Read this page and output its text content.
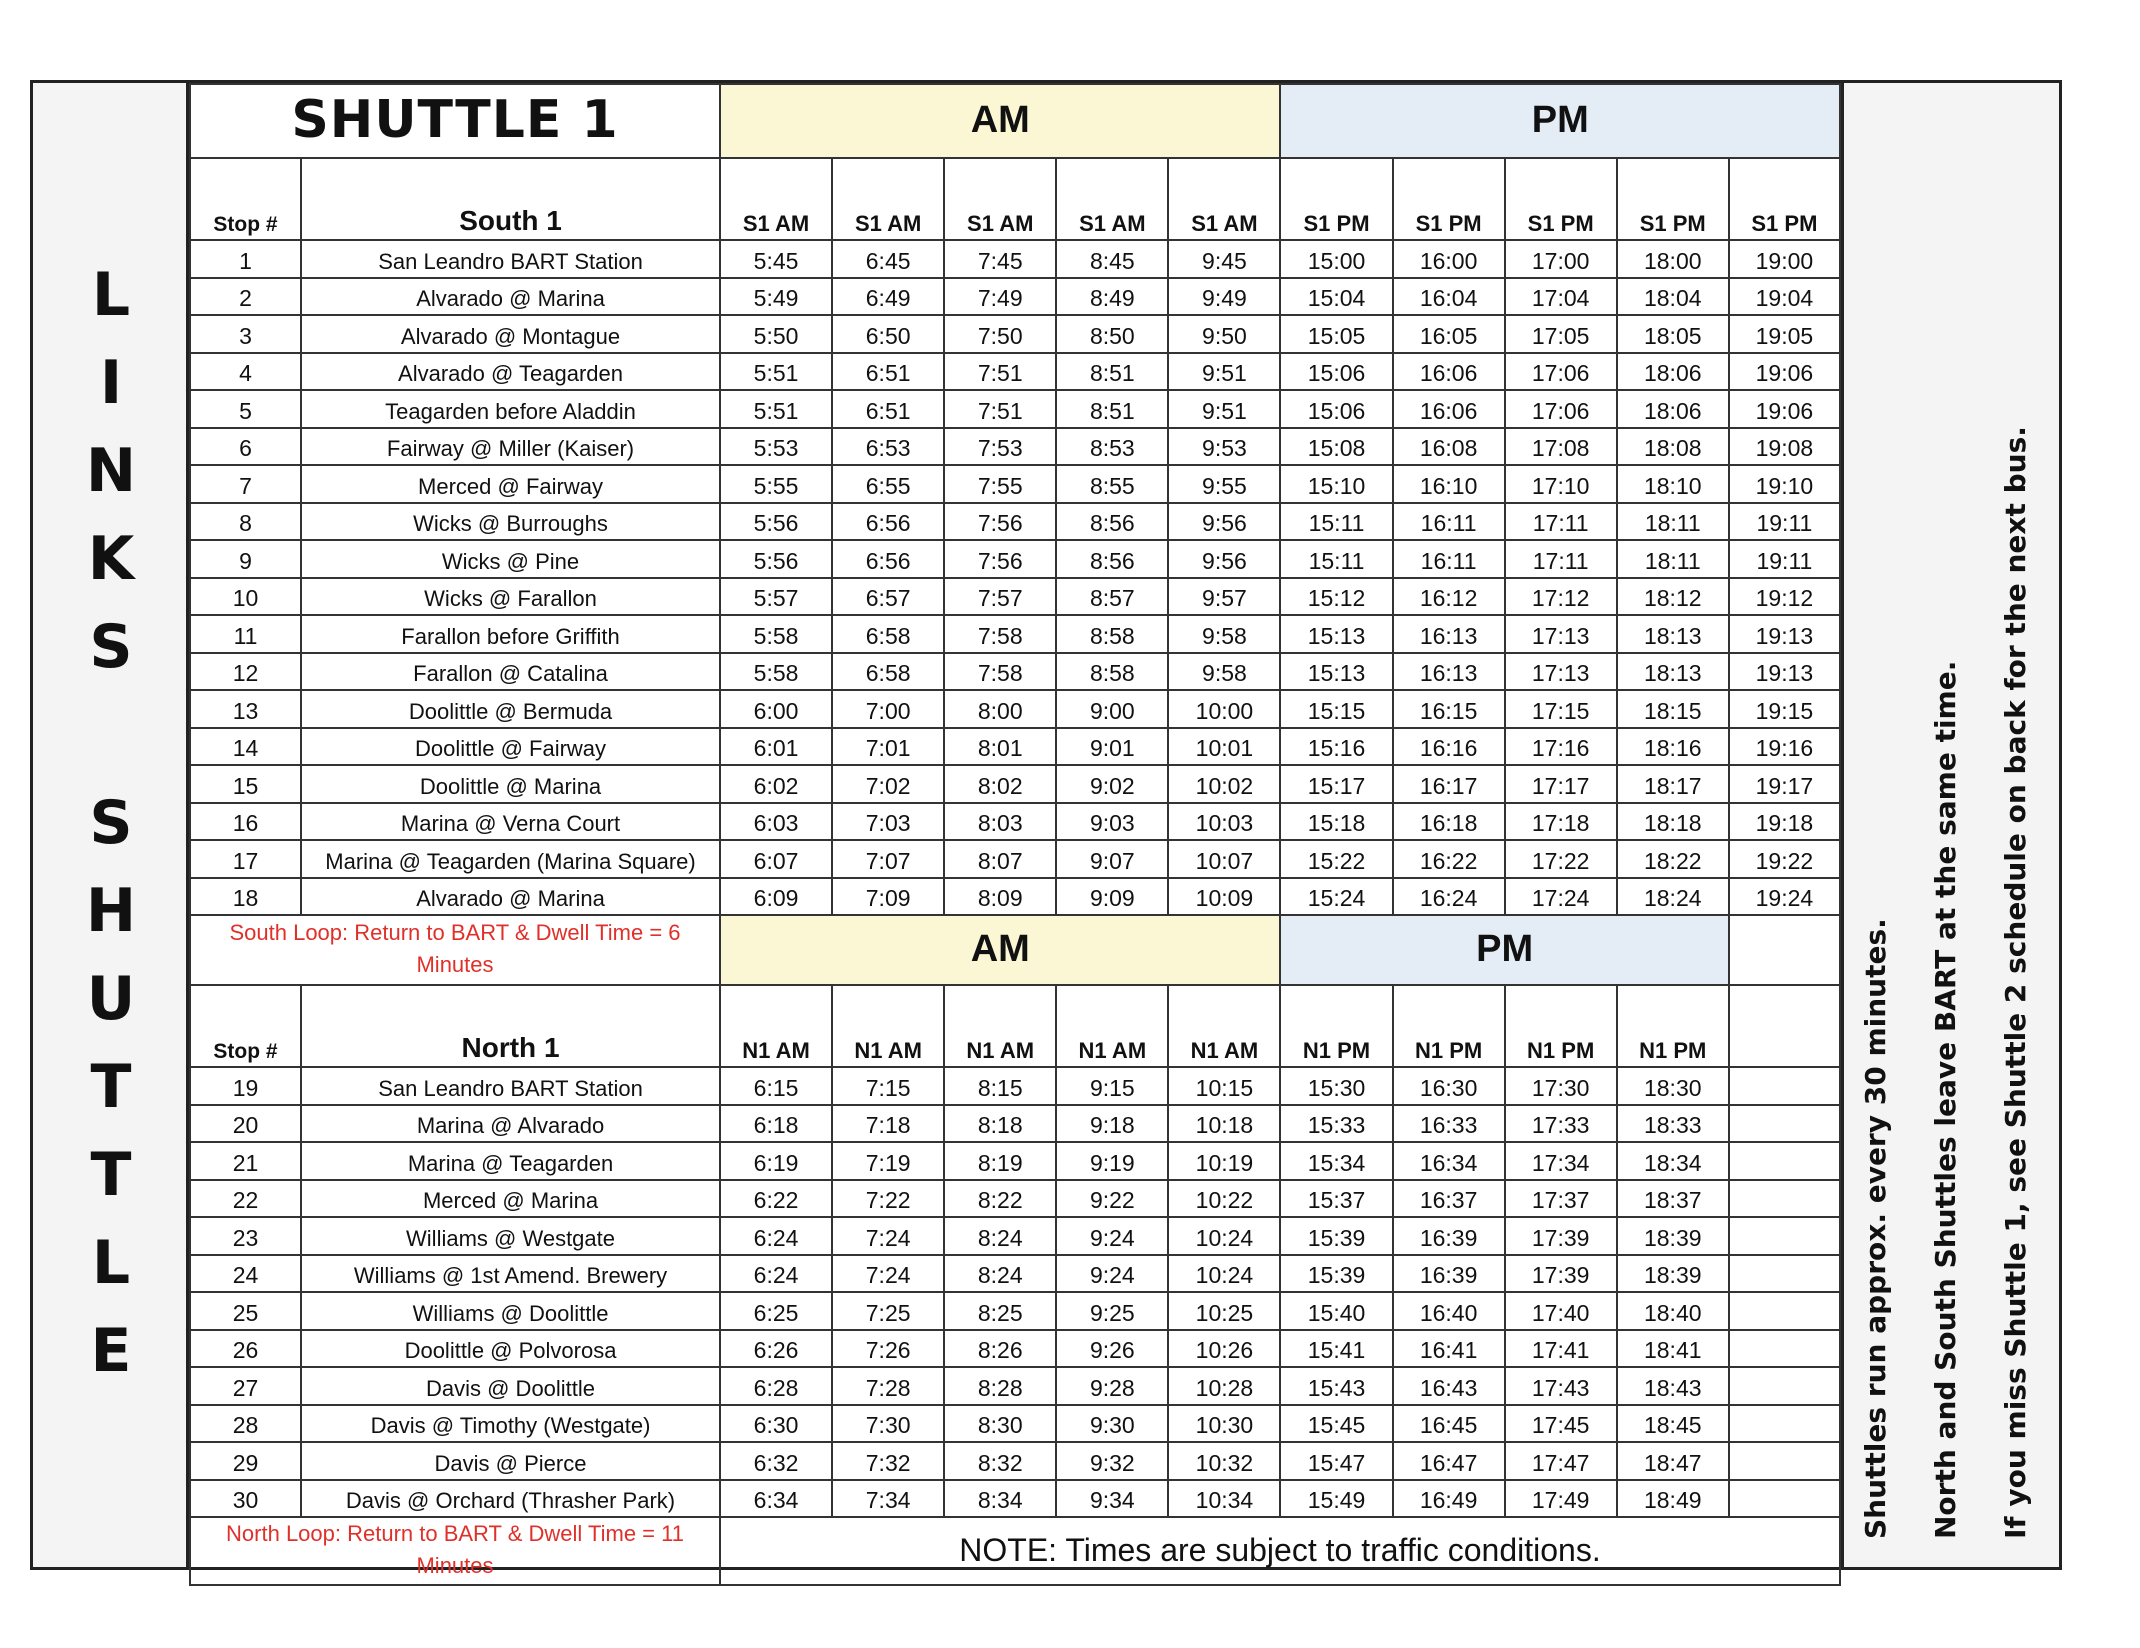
L
I
N
K
S
S
H
U
T
T
L
E
SHUTTLE 1		AM					PM				
Stop #	South 1	S1 AM	S1 AM	S1 AM	S1 AM	S1 AM	S1 PM	S1 PM	S1 PM	S1 PM	S1 PM
1	San Leandro BART Station	5:45	6:45	7:45	8:45	9:45	15:00	16:00	17:00	18:00	19:00
2	Alvarado @ Marina	5:49	6:49	7:49	8:49	9:49	15:04	16:04	17:04	18:04	19:04
3	Alvarado @ Montague	5:50	6:50	7:50	8:50	9:50	15:05	16:05	17:05	18:05	19:05
4	Alvarado @ Teagarden	5:51	6:51	7:51	8:51	9:51	15:06	16:06	17:06	18:06	19:06
5	Teagarden before Aladdin	5:51	6:51	7:51	8:51	9:51	15:06	16:06	17:06	18:06	19:06
6	Fairway @ Miller (Kaiser)	5:53	6:53	7:53	8:53	9:53	15:08	16:08	17:08	18:08	19:08
7	Merced @ Fairway	5:55	6:55	7:55	8:55	9:55	15:10	16:10	17:10	18:10	19:10
8	Wicks @ Burroughs	5:56	6:56	7:56	8:56	9:56	15:11	16:11	17:11	18:11	19:11
9	Wicks @ Pine	5:56	6:56	7:56	8:56	9:56	15:11	16:11	17:11	18:11	19:11
10	Wicks @ Farallon	5:57	6:57	7:57	8:57	9:57	15:12	16:12	17:12	18:12	19:12
11	Farallon before Griffith	5:58	6:58	7:58	8:58	9:58	15:13	16:13	17:13	18:13	19:13
12	Farallon @ Catalina	5:58	6:58	7:58	8:58	9:58	15:13	16:13	17:13	18:13	19:13
13	Doolittle @ Bermuda	6:00	7:00	8:00	9:00	10:00	15:15	16:15	17:15	18:15	19:15
14	Doolittle @ Fairway	6:01	7:01	8:01	9:01	10:01	15:16	16:16	17:16	18:16	19:16
15	Doolittle @ Marina	6:02	7:02	8:02	9:02	10:02	15:17	16:17	17:17	18:17	19:17
16	Marina @ Verna Court	6:03	7:03	8:03	9:03	10:03	15:18	16:18	17:18	18:18	19:18
17	Marina @ Teagarden (Marina Square)	6:07	7:07	8:07	9:07	10:07	15:22	16:22	17:22	18:22	19:22
18	Alvarado @ Marina	6:09	7:09	8:09	9:09	10:09	15:24	16:24	17:24	18:24	19:24
South Loop: Return to BART & Dwell Time = 6 Minutes		AM					PM				
Stop #	North 1	N1 AM	N1 AM	N1 AM	N1 AM	N1 AM	N1 PM	N1 PM	N1 PM	N1 PM	
19	San Leandro BART Station	6:15	7:15	8:15	9:15	10:15	15:30	16:30	17:30	18:30	
20	Marina @ Alvarado	6:18	7:18	8:18	9:18	10:18	15:33	16:33	17:33	18:33	
21	Marina @ Teagarden	6:19	7:19	8:19	9:19	10:19	15:34	16:34	17:34	18:34	
22	Merced @ Marina	6:22	7:22	8:22	9:22	10:22	15:37	16:37	17:37	18:37	
23	Williams @ Westgate	6:24	7:24	8:24	9:24	10:24	15:39	16:39	17:39	18:39	
24	Williams @ 1st Amend. Brewery	6:24	7:24	8:24	9:24	10:24	15:39	16:39	17:39	18:39	
25	Williams @ Doolittle	6:25	7:25	8:25	9:25	10:25	15:40	16:40	17:40	18:40	
26	Doolittle @ Polvorosa	6:26	7:26	8:26	9:26	10:26	15:41	16:41	17:41	18:41	
27	Davis @ Doolittle	6:28	7:28	8:28	9:28	10:28	15:43	16:43	17:43	18:43	
28	Davis @ Timothy (Westgate)	6:30	7:30	8:30	9:30	10:30	15:45	16:45	17:45	18:45	
29	Davis @ Pierce	6:32	7:32	8:32	9:32	10:32	15:47	16:47	17:47	18:47	
30	Davis @ Orchard (Thrasher Park)	6:34	7:34	8:34	9:34	10:34	15:49	16:49	17:49	18:49	
North Loop: Return to BART & Dwell Time = 11 Minutes		NOTE: Times are subject to traffic conditions.									
Shuttles run approx. every 30 minutes. North and South Shuttles leave BART at the same time. If you miss Shuttle 1, see Shuttle 2 schedule on back for the next bus.
